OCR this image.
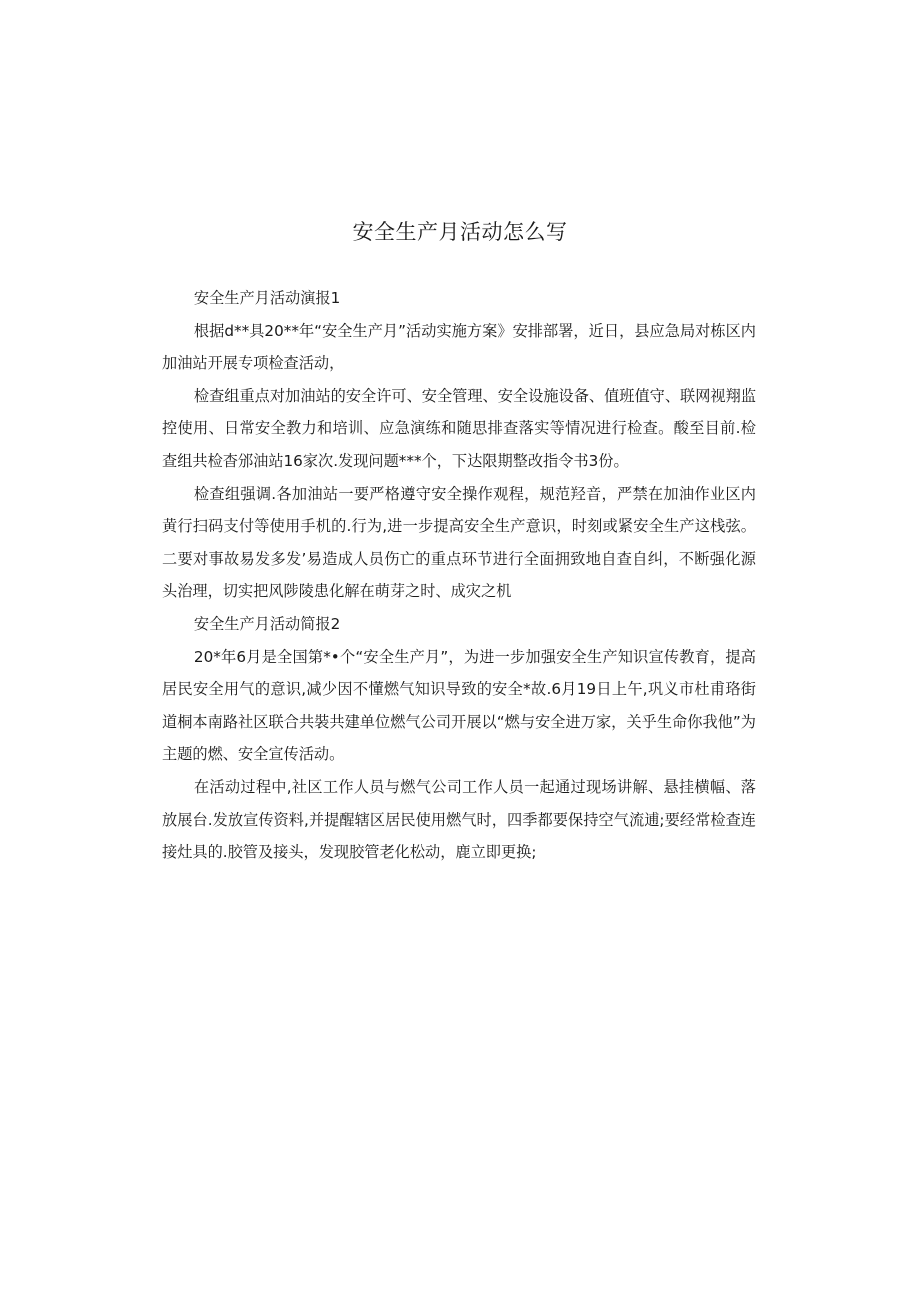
安全生产月活动怎么写

安全生产月活动演报1

根据d**具20**年“安全生产月”活动实施方案》安排部署，近日，县应急局对栋区内加油站开展专项检查活动，

检查组重点对加油站的安全许可、安全管理、安全设施设备、值班值守、联网视翔监控使用、日常安全教力和培训、应急演练和随思排查落实等情况进行检查。酸至目前.检查组共检杳邠油站16家次.发现问题***个，下达限期整改指令书3份。

检查组强调.各加油站一要严格遵守安全操作观程，规范羟音，严禁在加油作业区内黄行扫码支付等使用手机的.行为,进一步提高安全生产意识，时刻或紧安全生产这栈弦。二要对事故易发多发’易造成人员伤亡的重点环节进行全面拥致地自查自纠，不断强化源头治理，切实把风陟陵患化解在萌芽之时、成灾之机

安全生产月活动简报2

20*年6月是全国第*•个“安全生产月”，为进一步加强安全生产知识宣传教育，提高居民安全用气的意识,减少因不懂燃气知识导致的安全*故.6月19日上午,巩义市杜甫珞街道桐本南路社区联合共裝共建单位燃气公司开展以“燃与安全进万家，关乎生命你我他”为主题的燃、安全宣传活动。

在活动过程中,社区工作人员与燃气公司工作人员一起通过现场讲解、悬挂横幅、落放展台.发放宣传资料,并提醒辖区居民使用燃气时，四季都要保持空气流逋;要经常检查连接灶具的.胶管及接头，发现胶管老化松动，鹿立即更换;
